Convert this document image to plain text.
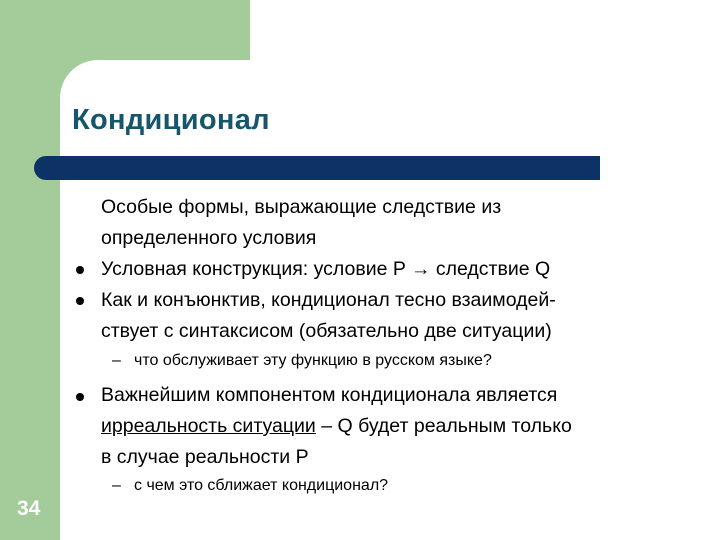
Кондиционал
Особые формы, выражающие следствие из
определенного условия
Условная конструкция: условие P → следствие Q
Как и конъюнктив, кондиционал тесно взаимодей-
ствует с синтаксисом (обязательно две ситуации)
– что обслуживает эту функцию в русском языке?
Важнейшим компонентом кондиционала является
ирреальность ситуации – Q будет реальным только
в случае реальности P
– с чем это сближает кондиционал?
34
